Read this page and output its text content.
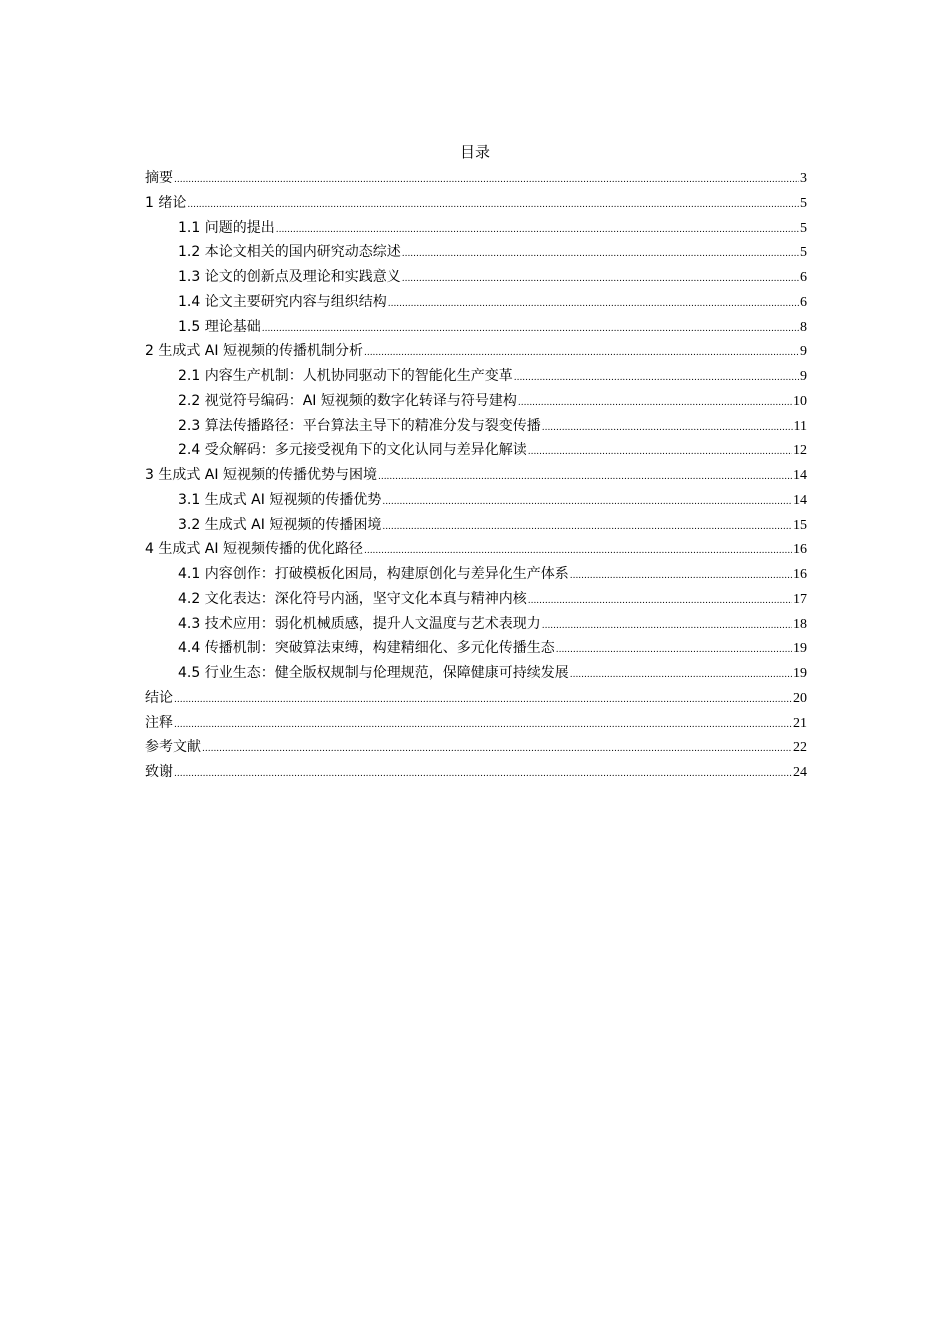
目录
摘要 .....	3
1 绪论 .....	5
1.1 问题的提出 .....	5
1.2 本论文相关的国内研究动态综述 .....	5
1.3 论文的创新点及理论和实践意义 .....	6
1.4 论文主要研究内容与组织结构 .....	6
1.5 理论基础 .....	8
2 生成式 AI 短视频的传播机制分析 .....	9
2.1 内容生产机制：人机协同驱动下的智能化生产变革 .....	9
2.2 视觉符号编码：AI 短视频的数字化转译与符号建构 .....	10
2.3 算法传播路径：平台算法主导下的精准分发与裂变传播 .....	11
2.4 受众解码：多元接受视角下的文化认同与差异化解读 .....	12
3 生成式 AI 短视频的传播优势与困境 .....	14
3.1 生成式 AI 短视频的传播优势 .....	14
3.2 生成式 AI 短视频的传播困境 .....	15
4 生成式 AI 短视频传播的优化路径 .....	16
4.1 内容创作：打破模板化困局，构建原创化与差异化生产体系 .....	16
4.2 文化表达：深化符号内涵，坚守文化本真与精神内核 .....	17
4.3 技术应用：弱化机械质感，提升人文温度与艺术表现力 .....	18
4.4 传播机制：突破算法束缚，构建精细化、多元化传播生态 .....	19
4.5 行业生态：健全版权规制与伦理规范，保障健康可持续发展 .....	19
结论 .....	20
注释 .....	21
参考文献 .....	22
致谢 .....	24
